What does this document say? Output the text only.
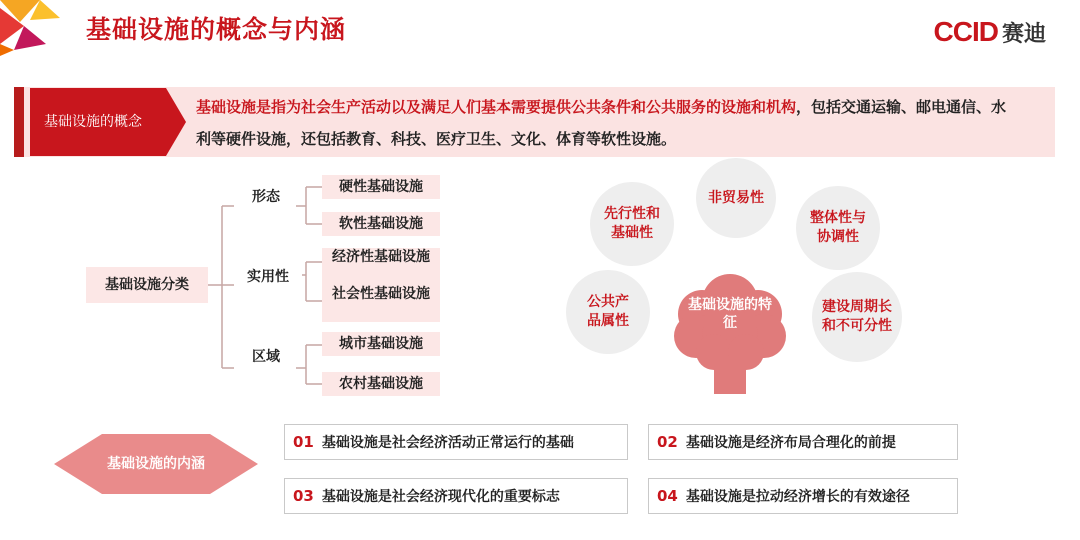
基础设施的概念与内涵	CCID 赛迪
基础设施的概念
基础设施是指为社会生产活动以及满足人们基本需要提供公共条件和公共服务的设施和机构，包括交通运输、邮电通信、水利等硬件设施，还包括教育、科技、医疗卫生、文化、体育等软性设施。
基础设施分类
形态
实用性
区域
硬性基础设施
软性基础设施
经济性基础设施
社会性基础设施
城市基础设施
农村基础设施
先行性和基础性
非贸易性
整体性与协调性
公共产品属性
建设周期长和不可分性
基础设施的特征
基础设施的内涵
01 基础设施是社会经济活动正常运行的基础	02 基础设施是经济布局合理化的前提
03 基础设施是社会经济现代化的重要标志	04 基础设施是拉动经济增长的有效途径
